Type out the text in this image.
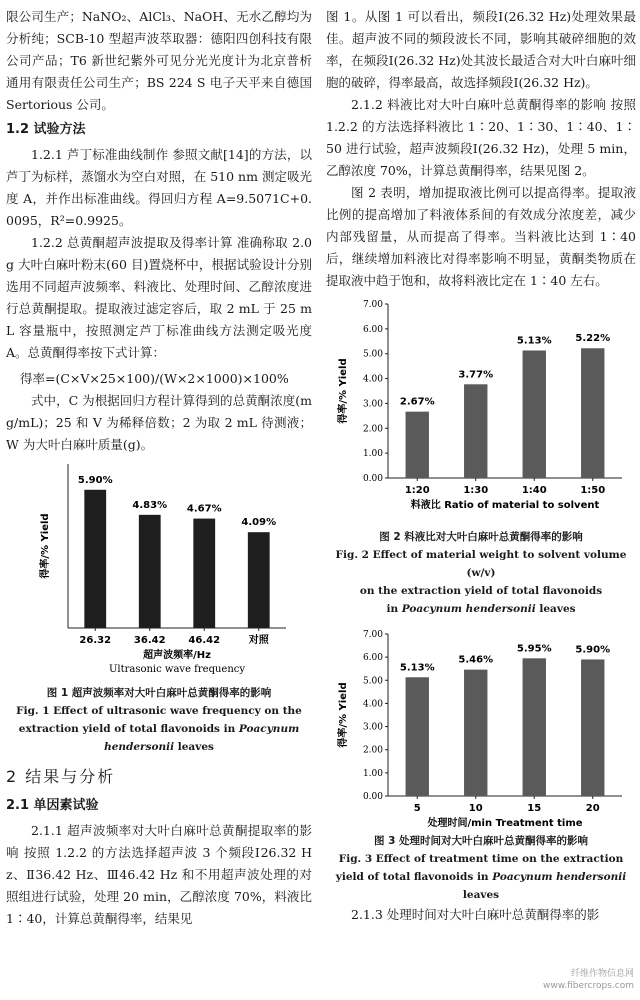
限公司生产；NaNO₂、AlCl₃、NaOH、无水乙醇均为分析纯；SCB-10 型超声波萃取器：德阳四创科技有限公司产品；T6 新世纪紫外可见分光光度计为北京普析通用有限责任公司生产；BS 224 S 电子天平来自德国 Sertorious 公司。

1.2 试验方法

1.2.1 芦丁标准曲线制作 参照文献[14]的方法，以芦丁为标样，蒸馏水为空白对照，在 510 nm 测定吸光度 A，并作出标准曲线。得回归方程 A=9.5071C+0.0095，R²=0.9925。

1.2.2 总黄酮超声波提取及得率计算 准确称取 2.0 g 大叶白麻叶粉末(60 目)置烧杯中，根据试验设计分别选用不同超声波频率、料液比、处理时间、乙醇浓度进行总黄酮提取。提取液过滤定容后，取 2 mL 于 25 mL 容量瓶中，按照测定芦丁标准曲线方法测定吸光度 A。总黄酮得率按下式计算：

得率=(C×V×25×100)/(W×2×1000)×100%

式中，C 为根据回归方程计算得到的总黄酮浓度(mg/mL)；25 和 V 为稀释倍数；2 为取 2 mL 待测液；W 为大叶白麻叶质量(g)。

5.90%
26.32
4.83%
36.42
4.67%
46.42
4.09%
对照
得率/% Yield
超声波频率/Hz
Ultrasonic wave frequency
图 1 超声波频率对大叶白麻叶总黄酮得率的影响
Fig. 1 Effect of ultrasonic wave frequency on the extraction yield of total flavonoids in Poacynum hendersonii leaves
2 结果与分析
2.1 单因素试验

2.1.1 超声波频率对大叶白麻叶总黄酮提取率的影响 按照 1.2.2 的方法选择超声波 3 个频段Ⅰ26.32 Hz、Ⅱ36.42 Hz、Ⅲ46.42 Hz 和不用超声波处理的对照组进行试验，处理 20 min，乙醇浓度 70%，料液比 1∶40，计算总黄酮得率，结果见

图 1。从图 1 可以看出，频段Ⅰ(26.32 Hz)处理效果最佳。超声波不同的频段波长不同，影响其破碎细胞的效率，在频段Ⅰ(26.32 Hz)处其波长最适合对大叶白麻叶细胞的破碎，得率最高，故选择频段Ⅰ(26.32 Hz)。

2.1.2 料液比对大叶白麻叶总黄酮得率的影响 按照 1.2.2 的方法选择料液比 1∶20、1∶30、1∶40、1∶50 进行试验，超声波频段Ⅰ(26.32 Hz)，处理 5 min，乙醇浓度 70%，计算总黄酮得率，结果见图 2。

图 2 表明，增加提取液比例可以提高得率。提取液比例的提高增加了料液体系间的有效成分浓度差，减少内部残留量，从而提高了得率。当料液比达到 1∶40 后，继续增加料液比对得率影响不明显，黄酮类物质在提取液中趋于饱和，故将料液比定在 1∶40 左右。

0.00
1.00
2.00
3.00
4.00
5.00
6.00
7.00
2.67%
1:20
3.77%
1:30
5.13%
1:40
5.22%
1:50
得率/% Yield
料液比 Ratio of material to solvent
图 2 料液比对大叶白麻叶总黄酮得率的影响
Fig. 2 Effect of material weight to solvent volume (w/v)
on the extraction yield of total flavonoids
in Poacynum hendersonii leaves
0.00
1.00
2.00
3.00
4.00
5.00
6.00
7.00
5.13%
5
5.46%
10
5.95%
15
5.90%
20
得率/% Yield
处理时间/min Treatment time
图 3 处理时间对大叶白麻叶总黄酮得率的影响
Fig. 3 Effect of treatment time on the extraction yield of total flavonoids in Poacynum hendersonii leaves

2.1.3 处理时间对大叶白麻叶总黄酮得率的影

纤维作物信息网
www.fibercrops.com
